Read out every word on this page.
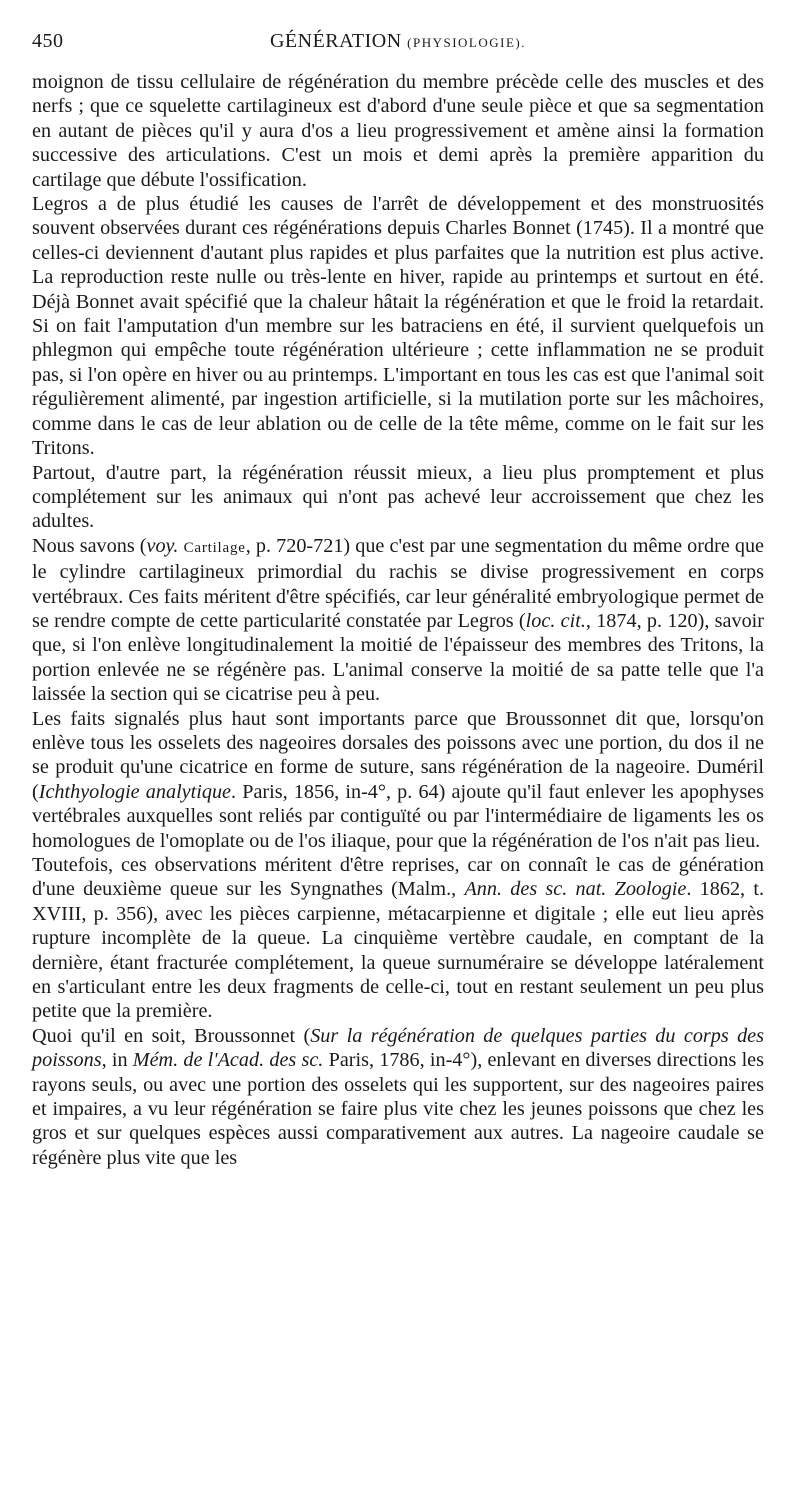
450	GÉNÉRATION (PHYSIOLOGIE).

moignon de tissu cellulaire de régénération du membre précède celle des muscles et des nerfs ; que ce squelette cartilagineux est d'abord d'une seule pièce et que sa segmentation en autant de pièces qu'il y aura d'os a lieu progressivement et amène ainsi la formation successive des articulations. C'est un mois et demi après la première apparition du cartilage que débute l'ossification.

Legros a de plus étudié les causes de l'arrêt de développement et des monstruosités souvent observées durant ces régénérations depuis Charles Bonnet (1745). Il a montré que celles-ci deviennent d'autant plus rapides et plus parfaites que la nutrition est plus active. La reproduction reste nulle ou très-lente en hiver, rapide au printemps et surtout en été. Déjà Bonnet avait spécifié que la chaleur hâtait la régénération et que le froid la retardait. Si on fait l'amputation d'un membre sur les batraciens en été, il survient quelquefois un phlegmon qui empêche toute régénération ultérieure ; cette inflammation ne se produit pas, si l'on opère en hiver ou au printemps. L'important en tous les cas est que l'animal soit régulièrement alimenté, par ingestion artificielle, si la mutilation porte sur les mâchoires, comme dans le cas de leur ablation ou de celle de la tête même, comme on le fait sur les Tritons.

Partout, d'autre part, la régénération réussit mieux, a lieu plus promptement et plus complétement sur les animaux qui n'ont pas achevé leur accroissement que chez les adultes.

Nous savons (voy. Cartilage, p. 720-721) que c'est par une segmentation du même ordre que le cylindre cartilagineux primordial du rachis se divise progressivement en corps vertébraux. Ces faits méritent d'être spécifiés, car leur généralité embryologique permet de se rendre compte de cette particularité constatée par Legros (loc. cit., 1874, p. 120), savoir que, si l'on enlève longitudinalement la moitié de l'épaisseur des membres des Tritons, la portion enlevée ne se régénère pas. L'animal conserve la moitié de sa patte telle que l'a laissée la section qui se cicatrise peu à peu.

Les faits signalés plus haut sont importants parce que Broussonnet dit que, lorsqu'on enlève tous les osselets des nageoires dorsales des poissons avec une portion, du dos il ne se produit qu'une cicatrice en forme de suture, sans régénération de la nageoire. Duméril (Ichthyologie analytique. Paris, 1856, in-4°, p. 64) ajoute qu'il faut enlever les apophyses vertébrales auxquelles sont reliés par contiguïté ou par l'intermédiaire de ligaments les os homologues de l'omoplate ou de l'os iliaque, pour que la régénération de l'os n'ait pas lieu.

Toutefois, ces observations méritent d'être reprises, car on connaît le cas de génération d'une deuxième queue sur les Syngnathes (Malm., Ann. des sc. nat. Zoologie. 1862, t. XVIII, p. 356), avec les pièces carpienne, métacarpienne et digitale ; elle eut lieu après rupture incomplète de la queue. La cinquième vertèbre caudale, en comptant de la dernière, étant fracturée complétement, la queue surnuméraire se développe latéralement en s'articulant entre les deux fragments de celle-ci, tout en restant seulement un peu plus petite que la première.

Quoi qu'il en soit, Broussonnet (Sur la régénération de quelques parties du corps des poissons, in Mém. de l'Acad. des sc. Paris, 1786, in-4°), enlevant en diverses directions les rayons seuls, ou avec une portion des osselets qui les supportent, sur des nageoires paires et impaires, a vu leur régénération se faire plus vite chez les jeunes poissons que chez les gros et sur quelques espèces aussi comparativement aux autres. La nageoire caudale se régénère plus vite que les
